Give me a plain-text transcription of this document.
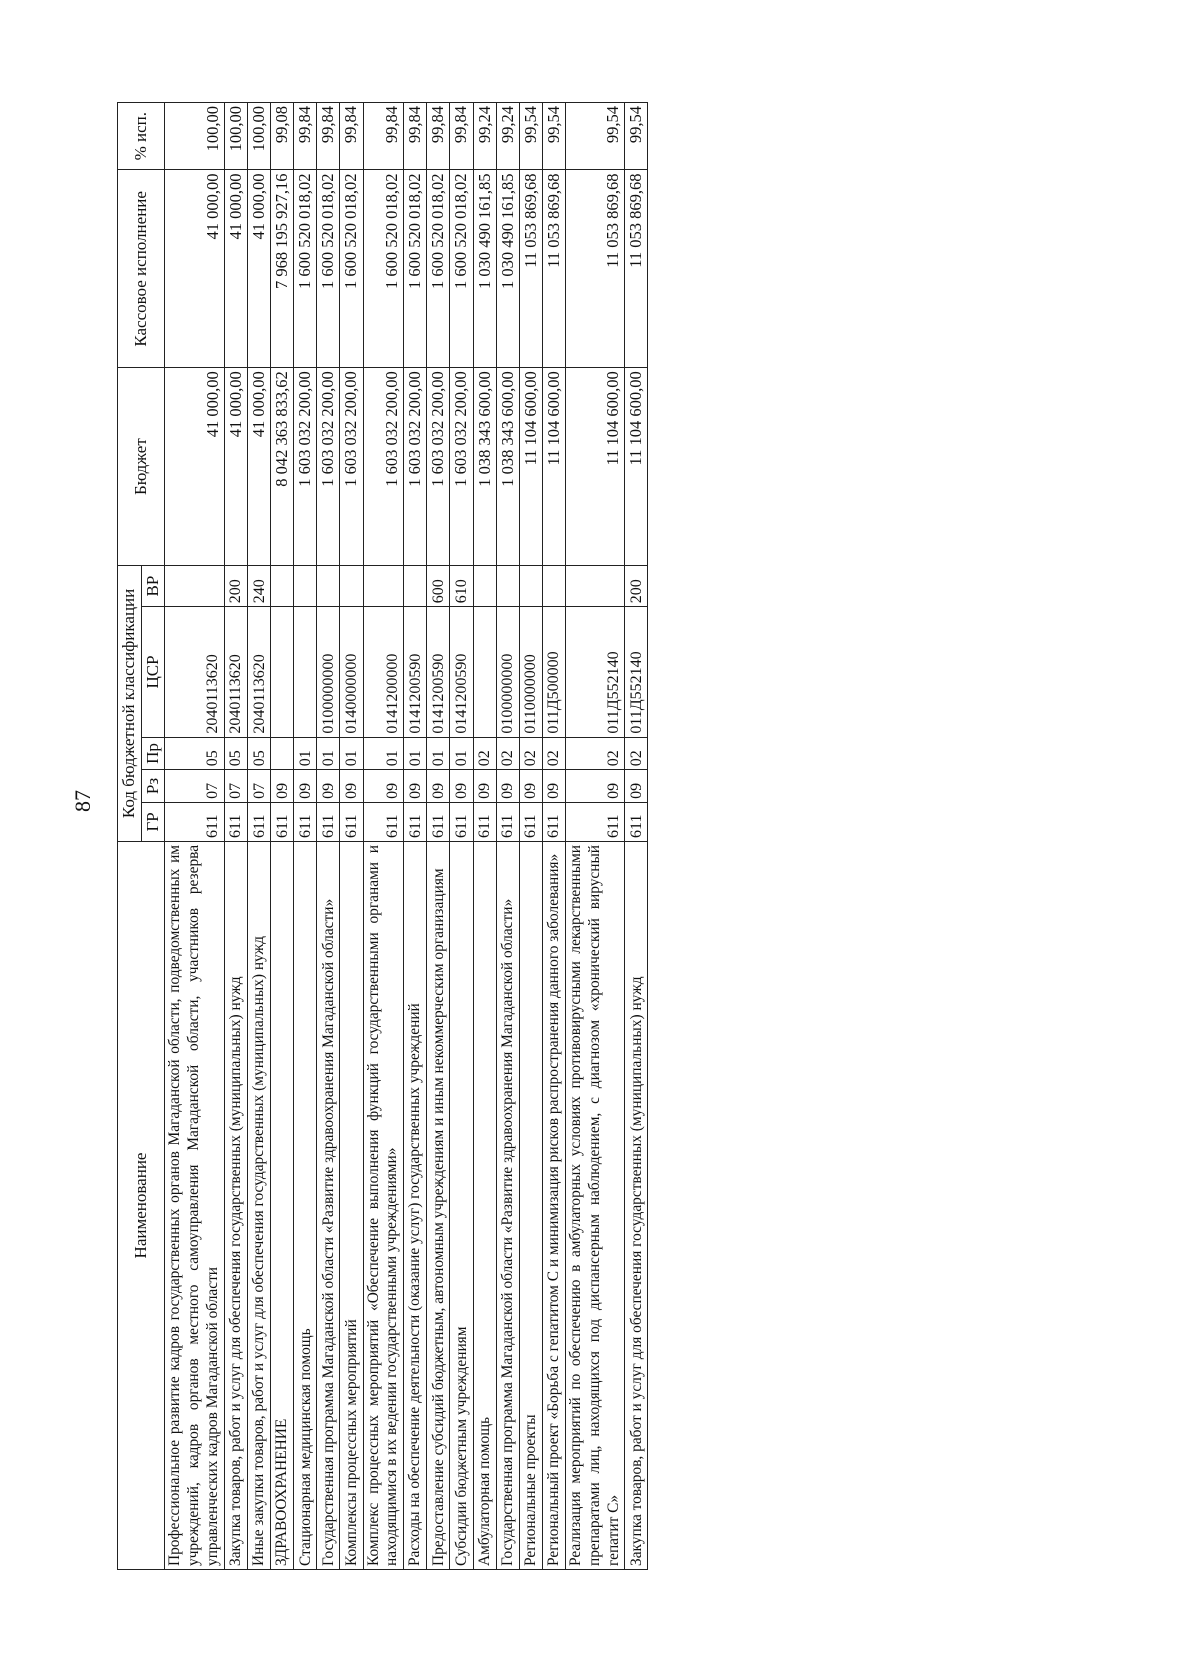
87
Наименование	Код бюджетной классификации					Бюджет	Кассовое исполнение	% исп.
	ГР	Рз	Пр	ЦСР	ВР			
Профессиональное развитие кадров государственных органов Магаданской области, подведомственных им учреждений, кадров органов местного самоуправления Магаданской области, участников резерва управленческих кадров Магаданской области	611	07	05	2040113620		41 000,00	41 000,00	100,00
Закупка товаров, работ и услуг для обеспечения государственных (муниципальных) нужд	611	07	05	2040113620	200	41 000,00	41 000,00	100,00
Иные закупки товаров, работ и услуг для обеспечения государственных (муниципальных) нужд	611	07	05	2040113620	240	41 000,00	41 000,00	100,00
ЗДРАВООХРАНЕНИЕ	611	09				8 042 363 833,62	7 968 195 927,16	99,08
Стационарная медицинская помощь	611	09	01			1 603 032 200,00	1 600 520 018,02	99,84
Государственная программа Магаданской области «Развитие здравоохранения Магаданской области»	611	09	01	0100000000		1 603 032 200,00	1 600 520 018,02	99,84
Комплексы процессных мероприятий	611	09	01	0140000000		1 603 032 200,00	1 600 520 018,02	99,84
Комплекс процессных мероприятий «Обеспечение выполнения функций государственными органами и находящимися в их ведении государственными учреждениями»	611	09	01	0141200000		1 603 032 200,00	1 600 520 018,02	99,84
Расходы на обеспечение деятельности (оказание услуг) государственных учреждений	611	09	01	0141200590		1 603 032 200,00	1 600 520 018,02	99,84
Предоставление субсидий бюджетным, автономным учреждениям и иным некоммерческим организациям	611	09	01	0141200590	600	1 603 032 200,00	1 600 520 018,02	99,84
Субсидии бюджетным учреждениям	611	09	01	0141200590	610	1 603 032 200,00	1 600 520 018,02	99,84
Амбулаторная помощь	611	09	02			1 038 343 600,00	1 030 490 161,85	99,24
Государственная программа Магаданской области «Развитие здравоохранения Магаданской области»	611	09	02	0100000000		1 038 343 600,00	1 030 490 161,85	99,24
Региональные проекты	611	09	02	0110000000		11 104 600,00	11 053 869,68	99,54
Региональный проект «Борьба с гепатитом С и минимизация рисков распространения данного заболевания»	611	09	02	011Д500000		11 104 600,00	11 053 869,68	99,54
Реализация мероприятий по обеспечению в амбулаторных условиях противовирусными лекарственными препаратами лиц, находящихся под диспансерным наблюдением, с диагнозом «хронический вирусный гепатит С»	611	09	02	011Д552140		11 104 600,00	11 053 869,68	99,54
Закупка товаров, работ и услуг для обеспечения государственных (муниципальных) нужд	611	09	02	011Д552140	200	11 104 600,00	11 053 869,68	99,54
